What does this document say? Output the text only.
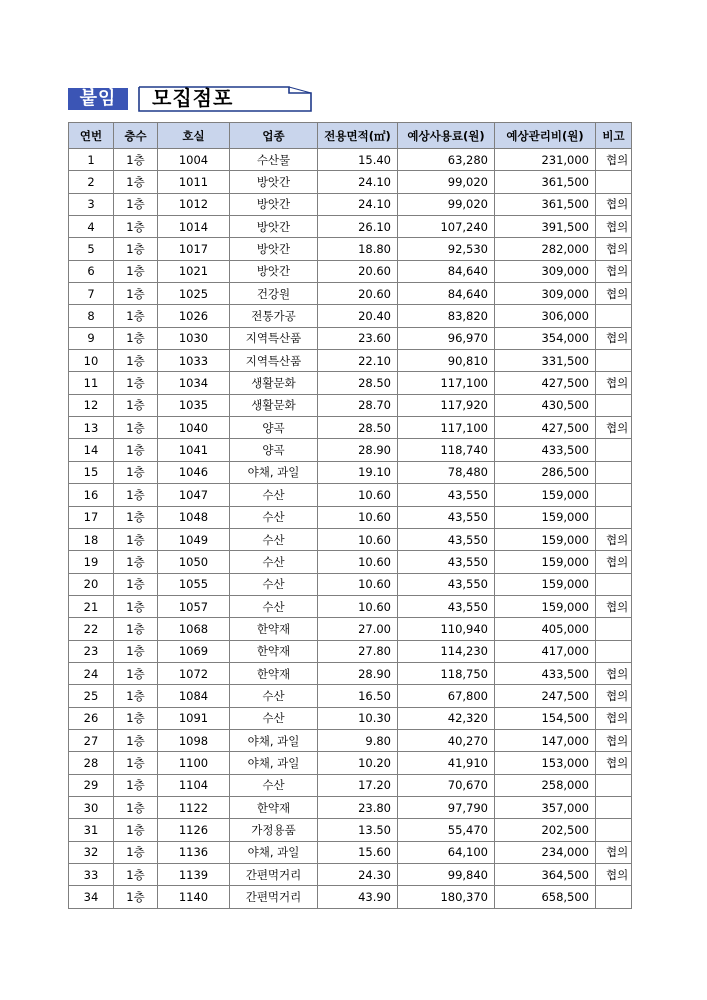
붙임	모집점포
연번	층수	호실	업종	전용면적(㎡)	예상사용료(원)	예상관리비(원)	비고
1	1층	1004	수산물	15.40	63,280	231,000	협의
2	1층	1011	방앗간	24.10	99,020	361,500	
3	1층	1012	방앗간	24.10	99,020	361,500	협의
4	1층	1014	방앗간	26.10	107,240	391,500	협의
5	1층	1017	방앗간	18.80	92,530	282,000	협의
6	1층	1021	방앗간	20.60	84,640	309,000	협의
7	1층	1025	건강원	20.60	84,640	309,000	협의
8	1층	1026	전통가공	20.40	83,820	306,000	
9	1층	1030	지역특산품	23.60	96,970	354,000	협의
10	1층	1033	지역특산품	22.10	90,810	331,500	
11	1층	1034	생활문화	28.50	117,100	427,500	협의
12	1층	1035	생활문화	28.70	117,920	430,500	
13	1층	1040	양곡	28.50	117,100	427,500	협의
14	1층	1041	양곡	28.90	118,740	433,500	
15	1층	1046	야채, 과일	19.10	78,480	286,500	
16	1층	1047	수산	10.60	43,550	159,000	
17	1층	1048	수산	10.60	43,550	159,000	
18	1층	1049	수산	10.60	43,550	159,000	협의
19	1층	1050	수산	10.60	43,550	159,000	협의
20	1층	1055	수산	10.60	43,550	159,000	
21	1층	1057	수산	10.60	43,550	159,000	협의
22	1층	1068	한약재	27.00	110,940	405,000	
23	1층	1069	한약재	27.80	114,230	417,000	
24	1층	1072	한약재	28.90	118,750	433,500	협의
25	1층	1084	수산	16.50	67,800	247,500	협의
26	1층	1091	수산	10.30	42,320	154,500	협의
27	1층	1098	야채, 과일	9.80	40,270	147,000	협의
28	1층	1100	야채, 과일	10.20	41,910	153,000	협의
29	1층	1104	수산	17.20	70,670	258,000	
30	1층	1122	한약재	23.80	97,790	357,000	
31	1층	1126	가정용품	13.50	55,470	202,500	
32	1층	1136	야채, 과일	15.60	64,100	234,000	협의
33	1층	1139	간편먹거리	24.30	99,840	364,500	협의
34	1층	1140	간편먹거리	43.90	180,370	658,500	
